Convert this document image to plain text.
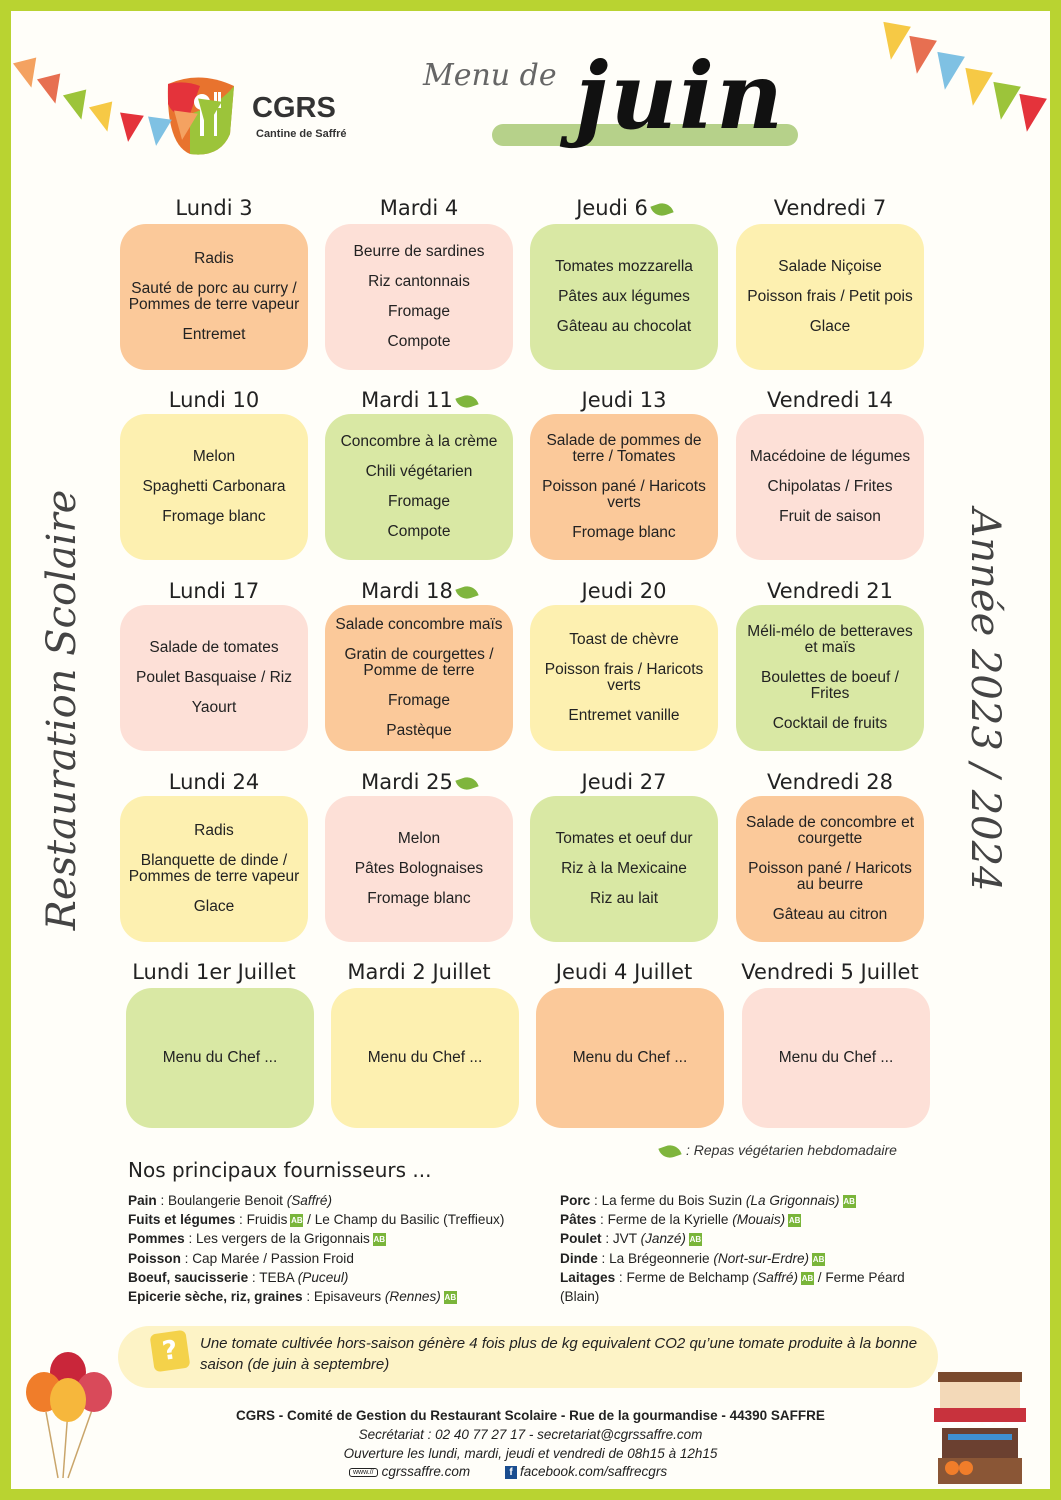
CGRS
Cantine de Saffré
Menu de juin
Restauration Scolaire	Année 2023 / 2024
Lundi 3
Radis
Sauté de porc au curry / Pommes de terre vapeur
Entremet
Mardi 4
Beurre de sardines
Riz cantonnais
Fromage
Compote
Jeudi 6
Tomates mozzarella
Pâtes aux légumes
Gâteau au chocolat
Vendredi 7
Salade Niçoise
Poisson frais / Petit pois
Glace
Lundi 10
Melon
Spaghetti Carbonara
Fromage blanc
Mardi 11
Concombre à la crème
Chili végétarien
Fromage
Compote
Jeudi 13
Salade de pommes de terre / Tomates
Poisson pané / Haricots verts
Fromage blanc
Vendredi 14
Macédoine de légumes
Chipolatas / Frites
Fruit de saison
Lundi 17
Salade de tomates
Poulet Basquaise / Riz
Yaourt
Mardi 18
Salade concombre maïs
Gratin de courgettes / Pomme de terre
Fromage
Pastèque
Jeudi 20
Toast de chèvre
Poisson frais / Haricots verts
Entremet vanille
Vendredi 21
Méli-mélo de betteraves et maïs
Boulettes de boeuf / Frites
Cocktail de fruits
Lundi 24
Radis
Blanquette de dinde / Pommes de terre vapeur
Glace
Mardi 25
Melon
Pâtes Bolognaises
Fromage blanc
Jeudi 27
Tomates et oeuf dur
Riz à la Mexicaine
Riz au lait
Vendredi 28
Salade de concombre et courgette
Poisson pané / Haricots au beurre
Gâteau au citron
Lundi 1er Juillet
Menu du Chef ...
Mardi 2 Juillet
Menu du Chef ...
Jeudi 4 Juillet
Menu du Chef ...
Vendredi 5 Juillet
Menu du Chef ...
: Repas végétarien hebdomadaire
Nos principaux fournisseurs ...
Pain : Boulangerie Benoit (Saffré)
Fuits et légumes : Fruidis AB / Le Champ du Basilic (Treffieux)
Pommes : Les vergers de la Grigonnais AB
Poisson : Cap Marée / Passion Froid
Boeuf, saucisserie : TEBA (Puceul)
Epicerie sèche, riz, graines : Episaveurs (Rennes) AB
Porc : La ferme du Bois Suzin (La Grigonnais) AB
Pâtes : Ferme de la Kyrielle (Mouais) AB
Poulet : JVT (Janzé) AB
Dinde : La Brégeonnerie (Nort-sur-Erdre) AB
Laitages : Ferme de Belchamp (Saffré) AB / Ferme Péard (Blain)
?	Une tomate cultivée hors-saison génère 4 fois plus de kg equivalent CO2 qu’une tomate produite à la bonne saison (de juin à septembre)
CGRS - Comité de Gestion du Restaurant Scolaire - Rue de la gourmandise - 44390 SAFFRE
Secrétariat : 02 40 77 27 17 - secretariat@cgrssaffre.com
Ouverture les lundi, mardi, jeudi et vendredi de 08h15 à 12h15
www.// cgrssaffre.com	f facebook.com/saffrecgrs
